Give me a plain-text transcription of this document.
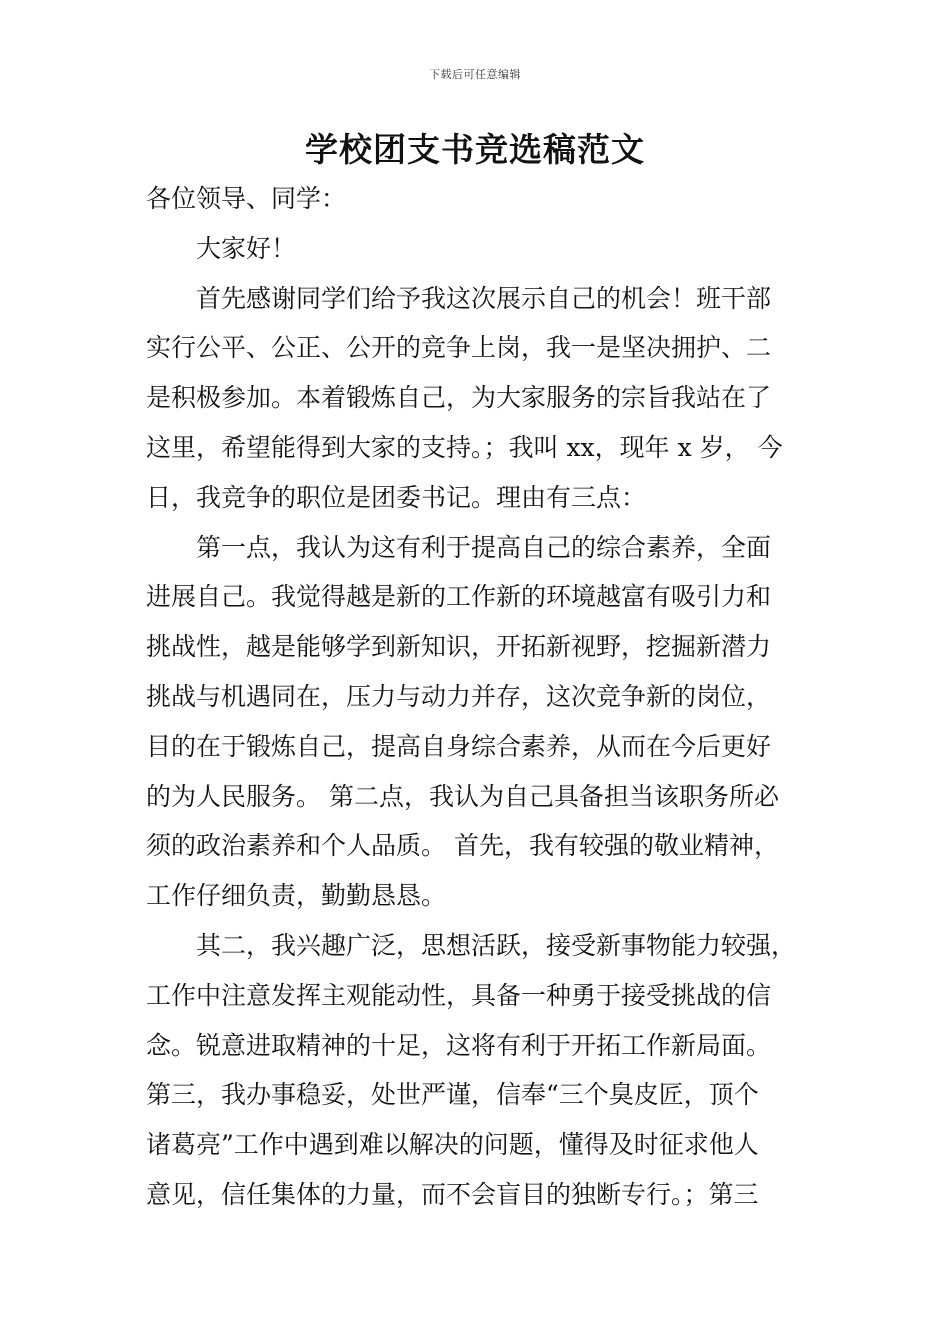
下载后可任意编辑
学校团支书竞选稿范文
各位领导、同学：
大家好！
首先感谢同学们给予我这次展示自己的机会！班干部
实行公平、公正、公开的竞争上岗，我一是坚决拥护、二
是积极参加。本着锻炼自己，为大家服务的宗旨我站在了
这里，希望能得到大家的支持。；我叫 xx，现年 x 岁， 今
日，我竞争的职位是团委书记。理由有三点：
第一点，我认为这有利于提高自己的综合素养，全面
进展自己。我觉得越是新的工作新的环境越富有吸引力和
挑战性，越是能够学到新知识，开拓新视野，挖掘新潜力
挑战与机遇同在，压力与动力并存，这次竞争新的岗位，
目的在于锻炼自己，提高自身综合素养，从而在今后更好
的为人民服务。 第二点，我认为自己具备担当该职务所必
须的政治素养和个人品质。 首先，我有较强的敬业精神，
工作仔细负责，勤勤恳恳。
其二，我兴趣广泛，思想活跃，接受新事物能力较强，
工作中注意发挥主观能动性，具备一种勇于接受挑战的信
念。锐意进取精神的十足，这将有利于开拓工作新局面。
第三，我办事稳妥，处世严谨，信奉“三个臭皮匠，顶个
诸葛亮”工作中遇到难以解决的问题，懂得及时征求他人
意见，信任集体的力量，而不会盲目的独断专行。；第三
